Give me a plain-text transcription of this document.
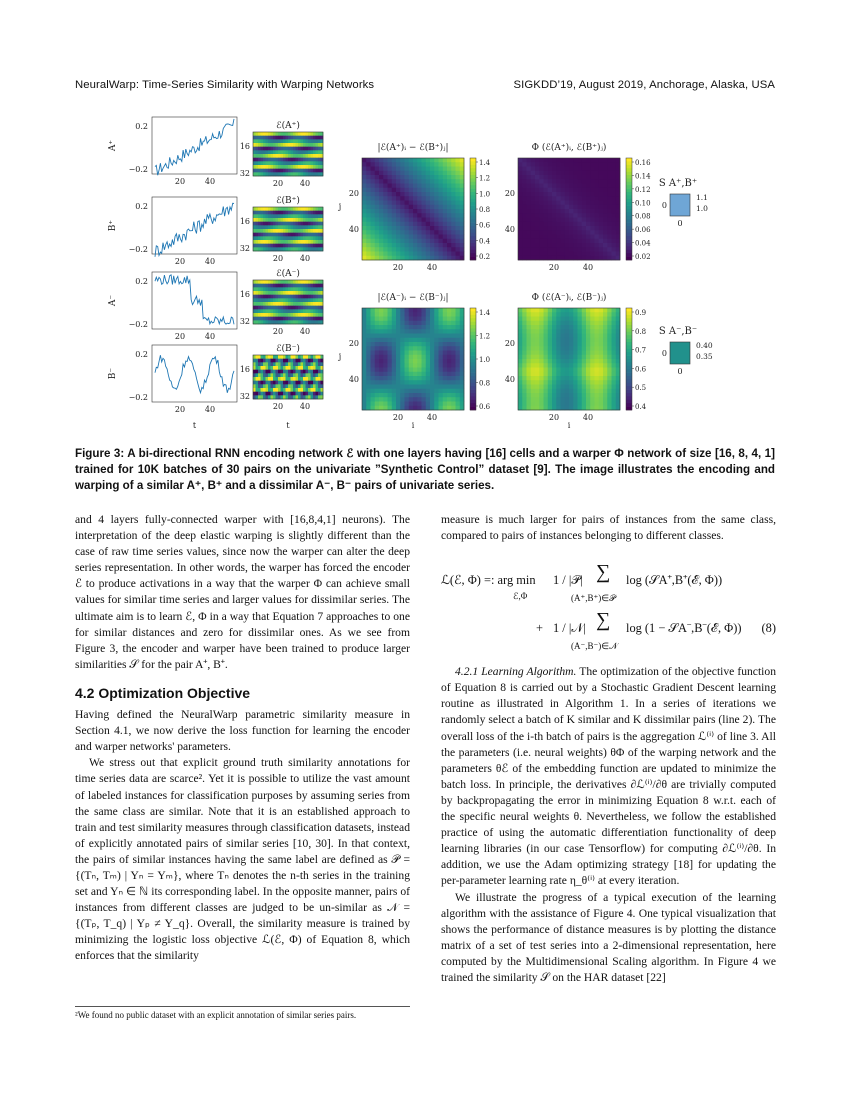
NeuralWarp: Time-Series Similarity with Warping Networks	SIGKDD’19, August 2019, Anchorage, Alaska, USA
0.2
−0.2
A⁺
20 40
0.2
−0.2
B⁺
20 40
0.2
−0.2
A⁻
20 40
0.2
−0.2
B⁻
20 40
t
ℰ(A⁺)
16
32
20 40
ℰ(B⁺)
16
32
20 40
ℰ(A⁻)
16
32
20 40
ℰ(B⁻)
16
32
20 40
t
|ℰ(A⁺)ᵢ − ℰ(B⁺)ⱼ|
1.4
1.2
1.0
0.8
0.6
0.4
0.2
20
40
20	40
Φ (ℰ(A⁺)ᵢ, ℰ(B⁺)ⱼ)
0.16
0.14
0.12
0.10
0.08
0.06
0.04
0.02
20
40
20	40
|ℰ(A⁻)ᵢ − ℰ(B⁻)ⱼ|
1.4
1.2
1.0
0.8
0.6
20
40
20	40
Φ (ℰ(A⁻)ᵢ, ℰ(B⁻)ⱼ)
0.9
0.8
0.7
0.6
0.5
0.4
20
40
20	40
j
j
i	i
S A⁺,B⁺
0
0
1.1
1.0
S A⁻,B⁻
0
0
0.40
0.35
Figure 3: A bi-directional RNN encoding network ℰ with one layers having [16] cells and a warper Φ network of size [16, 8, 4, 1] trained for 10K batches of 30 pairs on the univariate ”Synthetic Control” dataset [9]. The image illustrates the encoding and warping of a similar A⁺, B⁺ and a dissimilar A⁻, B⁻ pairs of univariate series.

and 4 layers fully-connected warper with [16,8,4,1] neurons). The interpretation of the deep elastic warping is slightly different than the case of raw time series values, since now the warper can alter the deep series representation. In other words, the warper has forced the encoder ℰ to produce activations in a way that the warper Φ can achieve small values for similar time series and larger values for dissimilar series. The ultimate aim is to learn ℰ, Φ in a way that Equation 7 approaches to one for similar distances and zero for dissimilar ones. As we see from Figure 3, the encoder and warper have been trained to produce larger similarities 𝒮 for the pair A⁺, B⁺.

4.2 Optimization Objective

Having defined the NeuralWarp parametric similarity measure in Section 4.1, we now derive the loss function for learning the encoder and warper networks' parameters.

We stress out that explicit ground truth similarity annotations for time series data are scarce². Yet it is possible to utilize the vast amount of labeled instances for classification purposes by assuming series from the same class are similar. Note that it is an established approach to train and test similarity measures through classification datasets, instead of explicitly annotated pairs of similar series [10, 30]. In that context, the pairs of similar instances having the same label are defined as 𝒫 = {(Tₙ, Tₘ) | Yₙ = Yₘ}, where Tₙ denotes the n-th series in the training set and Yₙ ∈ ℕ its corresponding label. In the opposite manner, pairs of instances from different classes are judged to be un-similar as 𝒩 = {(Tₚ, T_q) | Yₚ ≠ Y_q}. Overall, the similarity measure is trained by minimizing the logistic loss objective ℒ(ℰ, Φ) of Equation 8, which enforces that the similarity

²We found no public dataset with an explicit annotation of similar series pairs.

measure is much larger for pairs of instances from the same class, compared to pairs of instances belonging to different classes.

ℒ(ℰ, Φ) =: arg min
ℰ,Φ
1 / |𝒫| ∑
(A⁺,B⁺)∈𝒫
log (𝒮A⁺,B⁺(ℰ, Φ))
+ 1 / |𝒩| ∑
(A⁻,B⁻)∈𝒩
log (1 − 𝒮A⁻,B⁻(ℰ, Φ)) (8)

4.2.1 Learning Algorithm. The optimization of the objective function of Equation 8 is carried out by a Stochastic Gradient Descent learning routine as illustrated in Algorithm 1. In a series of iterations we randomly select a batch of K similar and K dissimilar pairs (line 2). The overall loss of the i-th batch of pairs is the aggregation ℒ⁽ⁱ⁾ of line 3. All the parameters (i.e. neural weights) θΦ of the warping network and the parameters θℰ of the embedding function are updated to minimize the batch loss. In principle, the derivatives ∂ℒ⁽ⁱ⁾/∂θ are trivially computed by backpropagating the error in minimizing Equation 8 w.r.t. each of the specific neural weights θ. Nevertheless, we follow the established practice of using the automatic differentiation functionality of deep learning libraries (in our case Tensorflow) for computing ∂ℒ⁽ⁱ⁾/∂θ. In addition, we use the Adam optimizing strategy [18] for updating the per-parameter learning rate η_θ⁽ⁱ⁾ at every iteration.

We illustrate the progress of a typical execution of the learning algorithm with the assistance of Figure 4. One typical visualization that shows the performance of distance measures is by plotting the distance matrix of a set of test series into a 2-dimensional representation, here computed by the Multidimensional Scaling algorithm. In Figure 4 we trained the similarity 𝒮 on the HAR dataset [22]
